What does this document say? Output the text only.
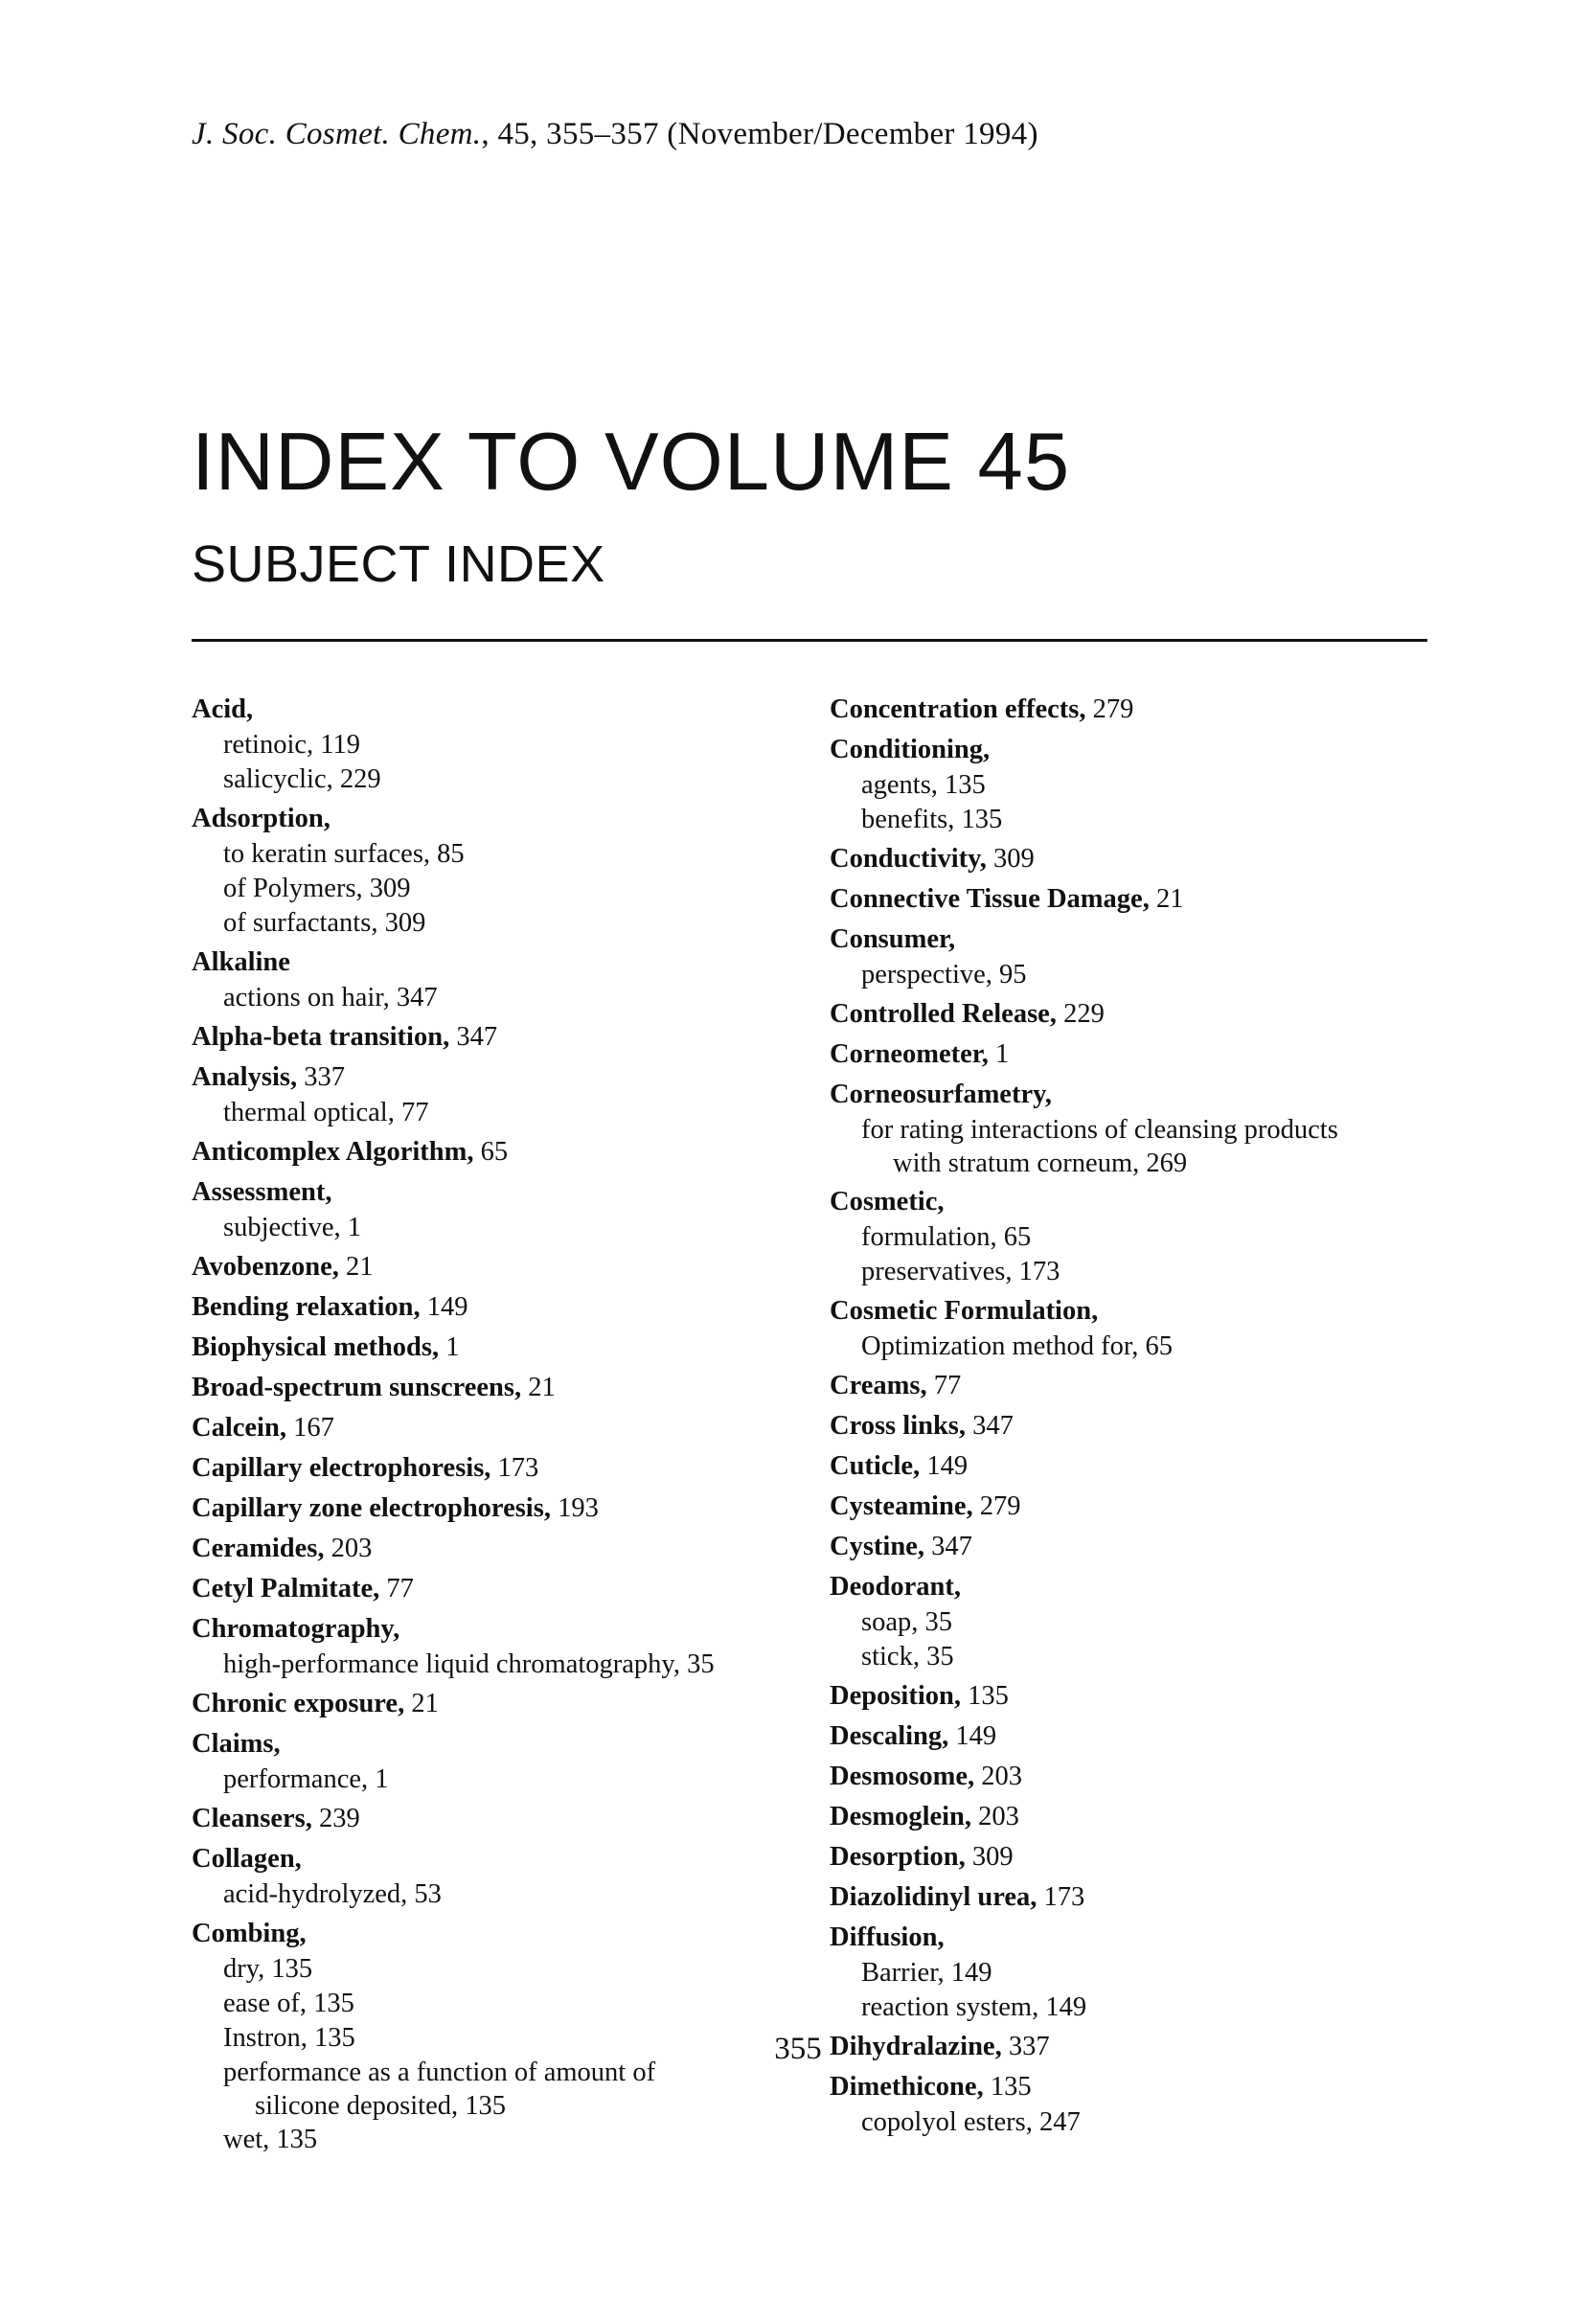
J. Soc. Cosmet. Chem., 45, 355–357 (November/December 1994)
INDEX TO VOLUME 45
SUBJECT INDEX
Acid,
retinoic, 119
salicyclic, 229
Adsorption,
to keratin surfaces, 85
of Polymers, 309
of surfactants, 309
Alkaline
actions on hair, 347
Alpha-beta transition, 347
Analysis, 337
thermal optical, 77
Anticomplex Algorithm, 65
Assessment,
subjective, 1
Avobenzone, 21
Bending relaxation, 149
Biophysical methods, 1
Broad-spectrum sunscreens, 21
Calcein, 167
Capillary electrophoresis, 173
Capillary zone electrophoresis, 193
Ceramides, 203
Cetyl Palmitate, 77
Chromatography,
high-performance liquid chromatography, 35
Chronic exposure, 21
Claims,
performance, 1
Cleansers, 239
Collagen,
acid-hydrolyzed, 53
Combing,
dry, 135
ease of, 135
Instron, 135
performance as a function of amount of
silicone deposited, 135
wet, 135
Concentration effects, 279
Conditioning,
agents, 135
benefits, 135
Conductivity, 309
Connective Tissue Damage, 21
Consumer,
perspective, 95
Controlled Release, 229
Corneometer, 1
Corneosurfametry,
for rating interactions of cleansing products
with stratum corneum, 269
Cosmetic,
formulation, 65
preservatives, 173
Cosmetic Formulation,
Optimization method for, 65
Creams, 77
Cross links, 347
Cuticle, 149
Cysteamine, 279
Cystine, 347
Deodorant,
soap, 35
stick, 35
Deposition, 135
Descaling, 149
Desmosome, 203
Desmoglein, 203
Desorption, 309
Diazolidinyl urea, 173
Diffusion,
Barrier, 149
reaction system, 149
Dihydralazine, 337
Dimethicone, 135
copolyol esters, 247
355
